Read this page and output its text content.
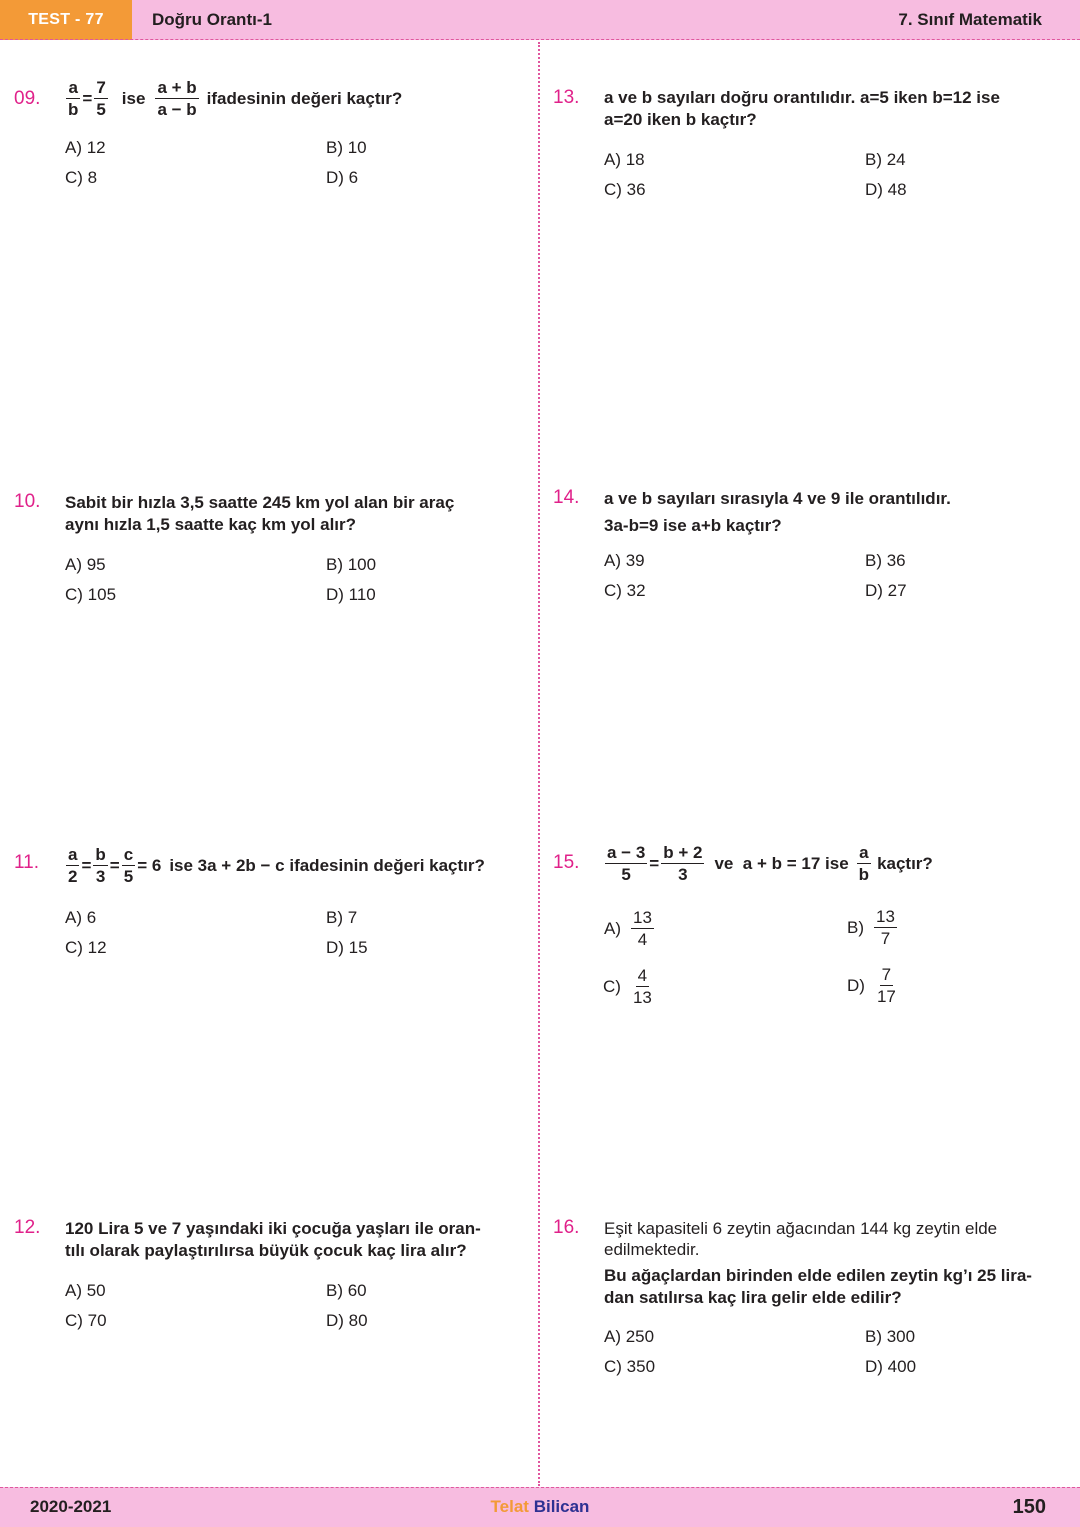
TEST - 77	Doğru Orantı-1	7. Sınıf Matematik
09. $\frac{a}{b} = \frac{7}{5}$ ise $\frac{a + b}{a - b}$ ifadesinin değeri kaçtır?
A) 12	B) 10
C) 8	D) 6
10. Sabit bir hızla 3,5 saatte 245 km yol alan bir araç
aynı hızla 1,5 saatte kaç km yol alır?
A) 95	B) 100
C) 105	D) 110
11. $\frac{a}{2} = \frac{b}{3} = \frac{c}{5} = 6$ ise 3a + 2b − c ifadesinin değeri kaçtır?
A) 6	B) 7
C) 12	D) 15
12. 120 Lira 5 ve 7 yaşındaki iki çocuğa yaşları ile oran-
tılı olarak paylaştırılırsa büyük çocuk kaç lira alır?
A) 50	B) 60
C) 70	D) 80
13. a ve b sayıları doğru orantılıdır. a=5 iken b=12 ise
a=20 iken b kaçtır?
A) 18	B) 24
C) 36	D) 48
14. a ve b sayıları sırasıyla 4 ve 9 ile orantılıdır.
3a-b=9 ise a+b kaçtır?
A) 39	B) 36
C) 32	D) 27
15. $\frac{a - 3}{5} = \frac{b + 2}{3}$ ve  a + b = 17 ise $\frac{a}{b}$ kaçtır?
$A) \frac{13}{4}$	$B) \frac{13}{7}$
$C) \frac{4}{13}$	$D) \frac{7}{17}$
16. Eşit kapasiteli 6 zeytin ağacından 144 kg zeytin elde
edilmektedir.
Bu ağaçlardan birinden elde edilen zeytin kg’ı 25 lira-
dan satılırsa kaç lira gelir elde edilir?
A) 250	B) 300
C) 350	D) 400
2020-2021	Telat Bilican	150
